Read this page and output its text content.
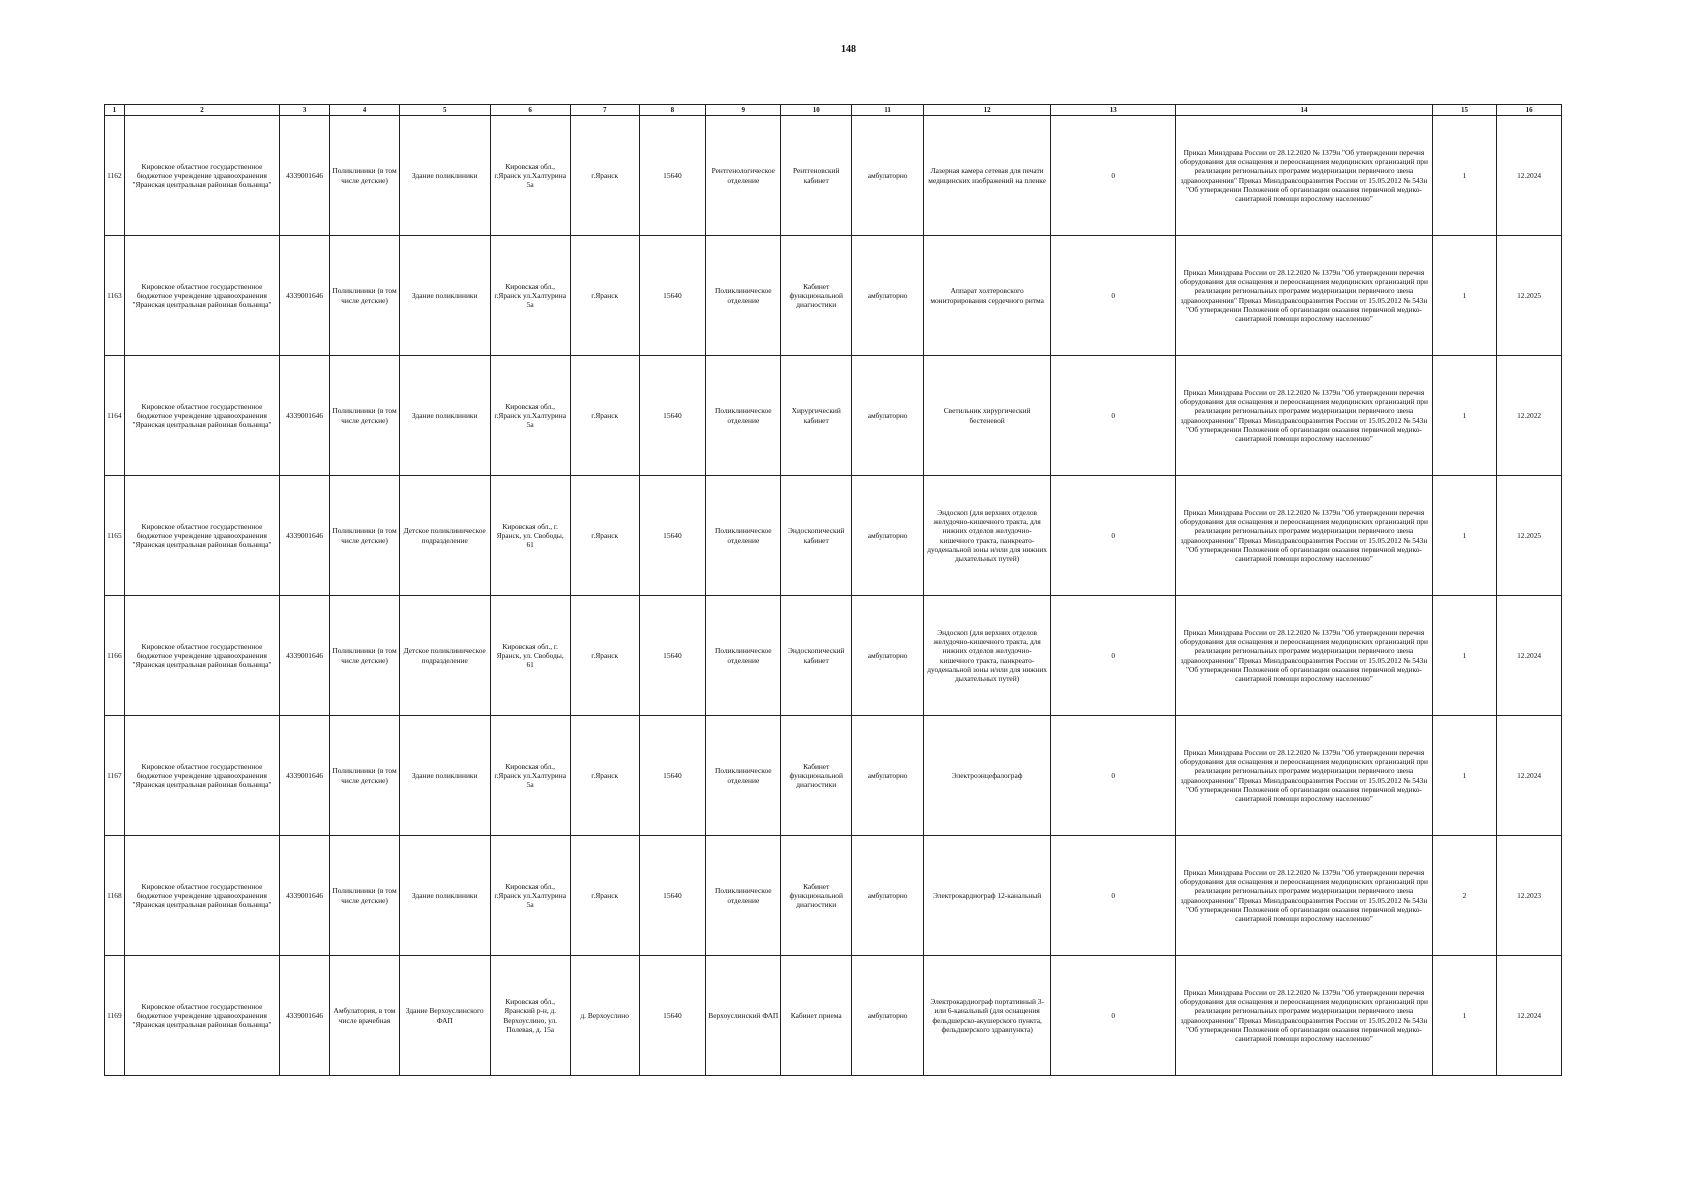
148
1	2	3	4	5	6	7	8	9	10	11	12	13	14	15	16
1162	Кировское областное государственное бюджетное учреждение здравоохранения "Яранская центральная районная больница"	4339001646	Поликлиники (в том числе детские)	Здание поликлиники	Кировская обл., г.Яранск ул.Халтурина 5а	г.Яранск	15640	Рентгенологическое отделение	Рентгеновский кабинет	амбулаторно	Лазерная камера сетевая для печати медицинских изображений на пленке	0	Приказ Минздрава России от 28.12.2020 № 1379н "Об утверждении перечня оборудования для оснащения и переоснащения медицинских организаций при реализации региональных программ модернизации первичного звена здравоохранения" Приказ Минздравсоцразвития России от 15.05.2012 № 543н "Об утверждении Положения об организации оказания первичной медико-санитарной помощи взрослому населению"	1	12.2024
1163	Кировское областное государственное бюджетное учреждение здравоохранения "Яранская центральная районная больница"	4339001646	Поликлиники (в том числе детские)	Здание поликлиники	Кировская обл., г.Яранск ул.Халтурина 5а	г.Яранск	15640	Поликлиническое отделение	Кабинет функциональной диагностики	амбулаторно	Аппарат холтеровского мониторирования сердечного ритма	0	Приказ Минздрава России от 28.12.2020 № 1379н "Об утверждении перечня оборудования для оснащения и переоснащения медицинских организаций при реализации региональных программ модернизации первичного звена здравоохранения" Приказ Минздравсоцразвития России от 15.05.2012 № 543н "Об утверждении Положения об организации оказания первичной медико-санитарной помощи взрослому населению"	1	12.2025
1164	Кировское областное государственное бюджетное учреждение здравоохранения "Яранская центральная районная больница"	4339001646	Поликлиники (в том числе детские)	Здание поликлиники	Кировская обл., г.Яранск ул.Халтурина 5а	г.Яранск	15640	Поликлиническое отделение	Хирургический кабинет	амбулаторно	Светильник хирургический бестеневой	0	Приказ Минздрава России от 28.12.2020 № 1379н "Об утверждении перечня оборудования для оснащения и переоснащения медицинских организаций при реализации региональных программ модернизации первичного звена здравоохранения" Приказ Минздравсоцразвития России от 15.05.2012 № 543н "Об утверждении Положения об организации оказания первичной медико-санитарной помощи взрослому населению"	1	12.2022
1165	Кировское областное государственное бюджетное учреждение здравоохранения "Яранская центральная районная больница"	4339001646	Поликлиники (в том числе детские)	Детское поликлиническое подразделение	Кировская обл., г. Яранск, ул. Свободы, 61	г.Яранск	15640	Поликлиническое отделение	Эндоскопический кабинет	амбулаторно	Эндоскоп (для верхних отделов желудочно-кишечного тракта, для нижних отделов желудочно-кишечного тракта, панкреато-дуоденальной зоны и/или для нижних дыхательных путей)	0	Приказ Минздрава России от 28.12.2020 № 1379н "Об утверждении перечня оборудования для оснащения и переоснащения медицинских организаций при реализации региональных программ модернизации первичного звена здравоохранения" Приказ Минздравсоцразвития России от 15.05.2012 № 543н "Об утверждении Положения об организации оказания первичной медико-санитарной помощи взрослому населению"	1	12.2025
1166	Кировское областное государственное бюджетное учреждение здравоохранения "Яранская центральная районная больница"	4339001646	Поликлиники (в том числе детские)	Детское поликлиническое подразделение	Кировская обл., г. Яранск, ул. Свободы, 61	г.Яранск	15640	Поликлиническое отделение	Эндоскопический кабинет	амбулаторно	Эндоскоп (для верхних отделов желудочно-кишечного тракта, для нижних отделов желудочно-кишечного тракта, панкреато-дуоденальной зоны и/или для нижних дыхательных путей)	0	Приказ Минздрава России от 28.12.2020 № 1379н "Об утверждении перечня оборудования для оснащения и переоснащения медицинских организаций при реализации региональных программ модернизации первичного звена здравоохранения" Приказ Минздравсоцразвития России от 15.05.2012 № 543н "Об утверждении Положения об организации оказания первичной медико-санитарной помощи взрослому населению"	1	12.2024
1167	Кировское областное государственное бюджетное учреждение здравоохранения "Яранская центральная районная больница"	4339001646	Поликлиники (в том числе детские)	Здание поликлиники	Кировская обл., г.Яранск ул.Халтурина 5а	г.Яранск	15640	Поликлиническое отделение	Кабинет функциональной диагностики	амбулаторно	Электроэнцефалограф	0	Приказ Минздрава России от 28.12.2020 № 1379н "Об утверждении перечня оборудования для оснащения и переоснащения медицинских организаций при реализации региональных программ модернизации первичного звена здравоохранения" Приказ Минздравсоцразвития России от 15.05.2012 № 543н "Об утверждении Положения об организации оказания первичной медико-санитарной помощи взрослому населению"	1	12.2024
1168	Кировское областное государственное бюджетное учреждение здравоохранения "Яранская центральная районная больница"	4339001646	Поликлиники (в том числе детские)	Здание поликлиники	Кировская обл., г.Яранск ул.Халтурина 5а	г.Яранск	15640	Поликлиническое отделение	Кабинет функциональной диагностики	амбулаторно	Электрокардиограф 12-канальный	0	Приказ Минздрава России от 28.12.2020 № 1379н "Об утверждении перечня оборудования для оснащения и переоснащения медицинских организаций при реализации региональных программ модернизации первичного звена здравоохранения" Приказ Минздравсоцразвития России от 15.05.2012 № 543н "Об утверждении Положения об организации оказания первичной медико-санитарной помощи взрослому населению"	2	12.2023
1169	Кировское областное государственное бюджетное учреждение здравоохранения "Яранская центральная районная больница"	4339001646	Амбулатория, в том числе врачебная	Здание Верхоуслинского ФАП	Кировская обл., Яранский р-н, д. Верхоуслино, ул. Полевая, д. 15а	д. Верхоуслино	15640	Верхоуслинский ФАП	Кабинет приема	амбулаторно	Электрокардиограф портативный 3- или 6-канальный (для оснащения фельдшерско-акушерского пункта, фельдшерского здравпункта)	0	Приказ Минздрава России от 28.12.2020 № 1379н "Об утверждении перечня оборудования для оснащения и переоснащения медицинских организаций при реализации региональных программ модернизации первичного звена здравоохранения" Приказ Минздравсоцразвития России от 15.05.2012 № 543н "Об утверждении Положения об организации оказания первичной медико-санитарной помощи взрослому населению"	1	12.2024
